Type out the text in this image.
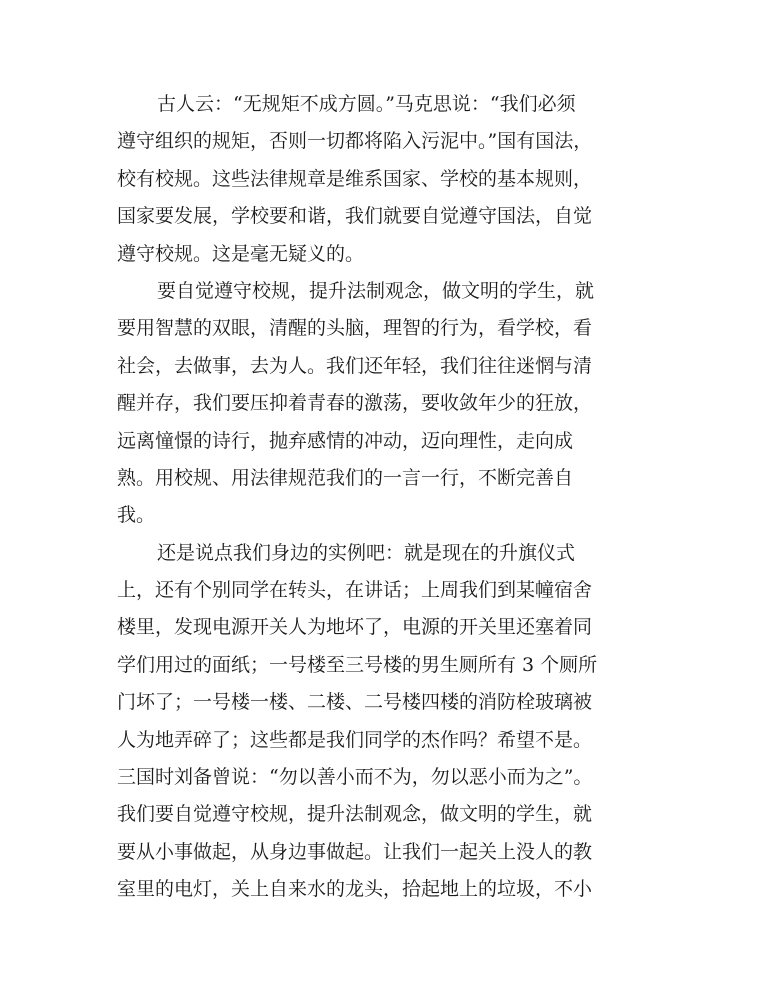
古人云：“无规矩不成方圆。”马克思说：“我们必须
遵守组织的规矩，否则一切都将陷入污泥中。”国有国法，
校有校规。这些法律规章是维系国家、学校的基本规则，
国家要发展，学校要和谐，我们就要自觉遵守国法，自觉
遵守校规。这是毫无疑义的。
要自觉遵守校规，提升法制观念，做文明的学生，就
要用智慧的双眼，清醒的头脑，理智的行为，看学校，看
社会，去做事，去为人。我们还年轻，我们往往迷惘与清
醒并存，我们要压抑着青春的激荡，要收敛年少的狂放，
远离憧憬的诗行，抛弃感情的冲动，迈向理性，走向成
熟。用校规、用法律规范我们的一言一行，不断完善自
我。
还是说点我们身边的实例吧：就是现在的升旗仪式
上，还有个别同学在转头，在讲话；上周我们到某幢宿舍
楼里，发现电源开关人为地坏了，电源的开关里还塞着同
学们用过的面纸；一号楼至三号楼的男生厕所有 3 个厕所
门坏了；一号楼一楼、二楼、二号楼四楼的消防栓玻璃被
人为地弄碎了；这些都是我们同学的杰作吗？希望不是。
三国时刘备曾说：“勿以善小而不为，勿以恶小而为之”。
我们要自觉遵守校规，提升法制观念，做文明的学生，就
要从小事做起，从身边事做起。让我们一起关上没人的教
室里的电灯，关上自来水的龙头，拾起地上的垃圾，不小
